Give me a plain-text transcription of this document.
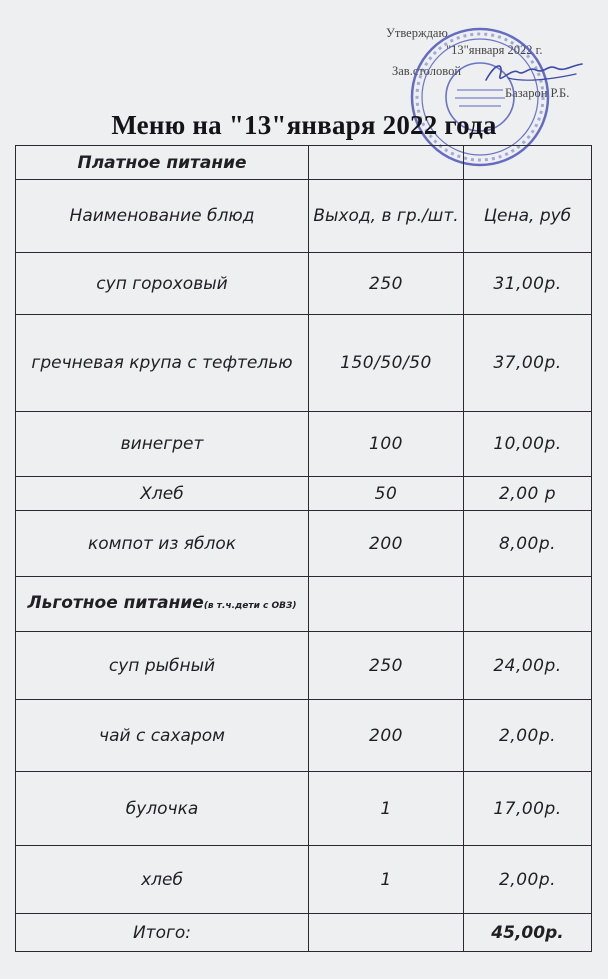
Утверждаю
"13"января 2022 г.
Зав.столовой
Базарон Р.Б.
Меню на "13"января 2022 года
Платное питание		
Наименование блюд	Выход, в гр./шт.	Цена, руб
суп гороховый	250	31,00р.
гречневая крупа с тефтелью	150/50/50	37,00р.
винегрет	100	10,00р.
Хлеб	50	2,00 р
компот из яблок	200	8,00р.
Льготное питание(в т.ч.дети с ОВЗ)		
суп рыбный	250	24,00р.
чай с сахаром	200	2,00р.
булочка	1	17,00р.
хлеб	1	2,00р.
Итого:		45,00р.
